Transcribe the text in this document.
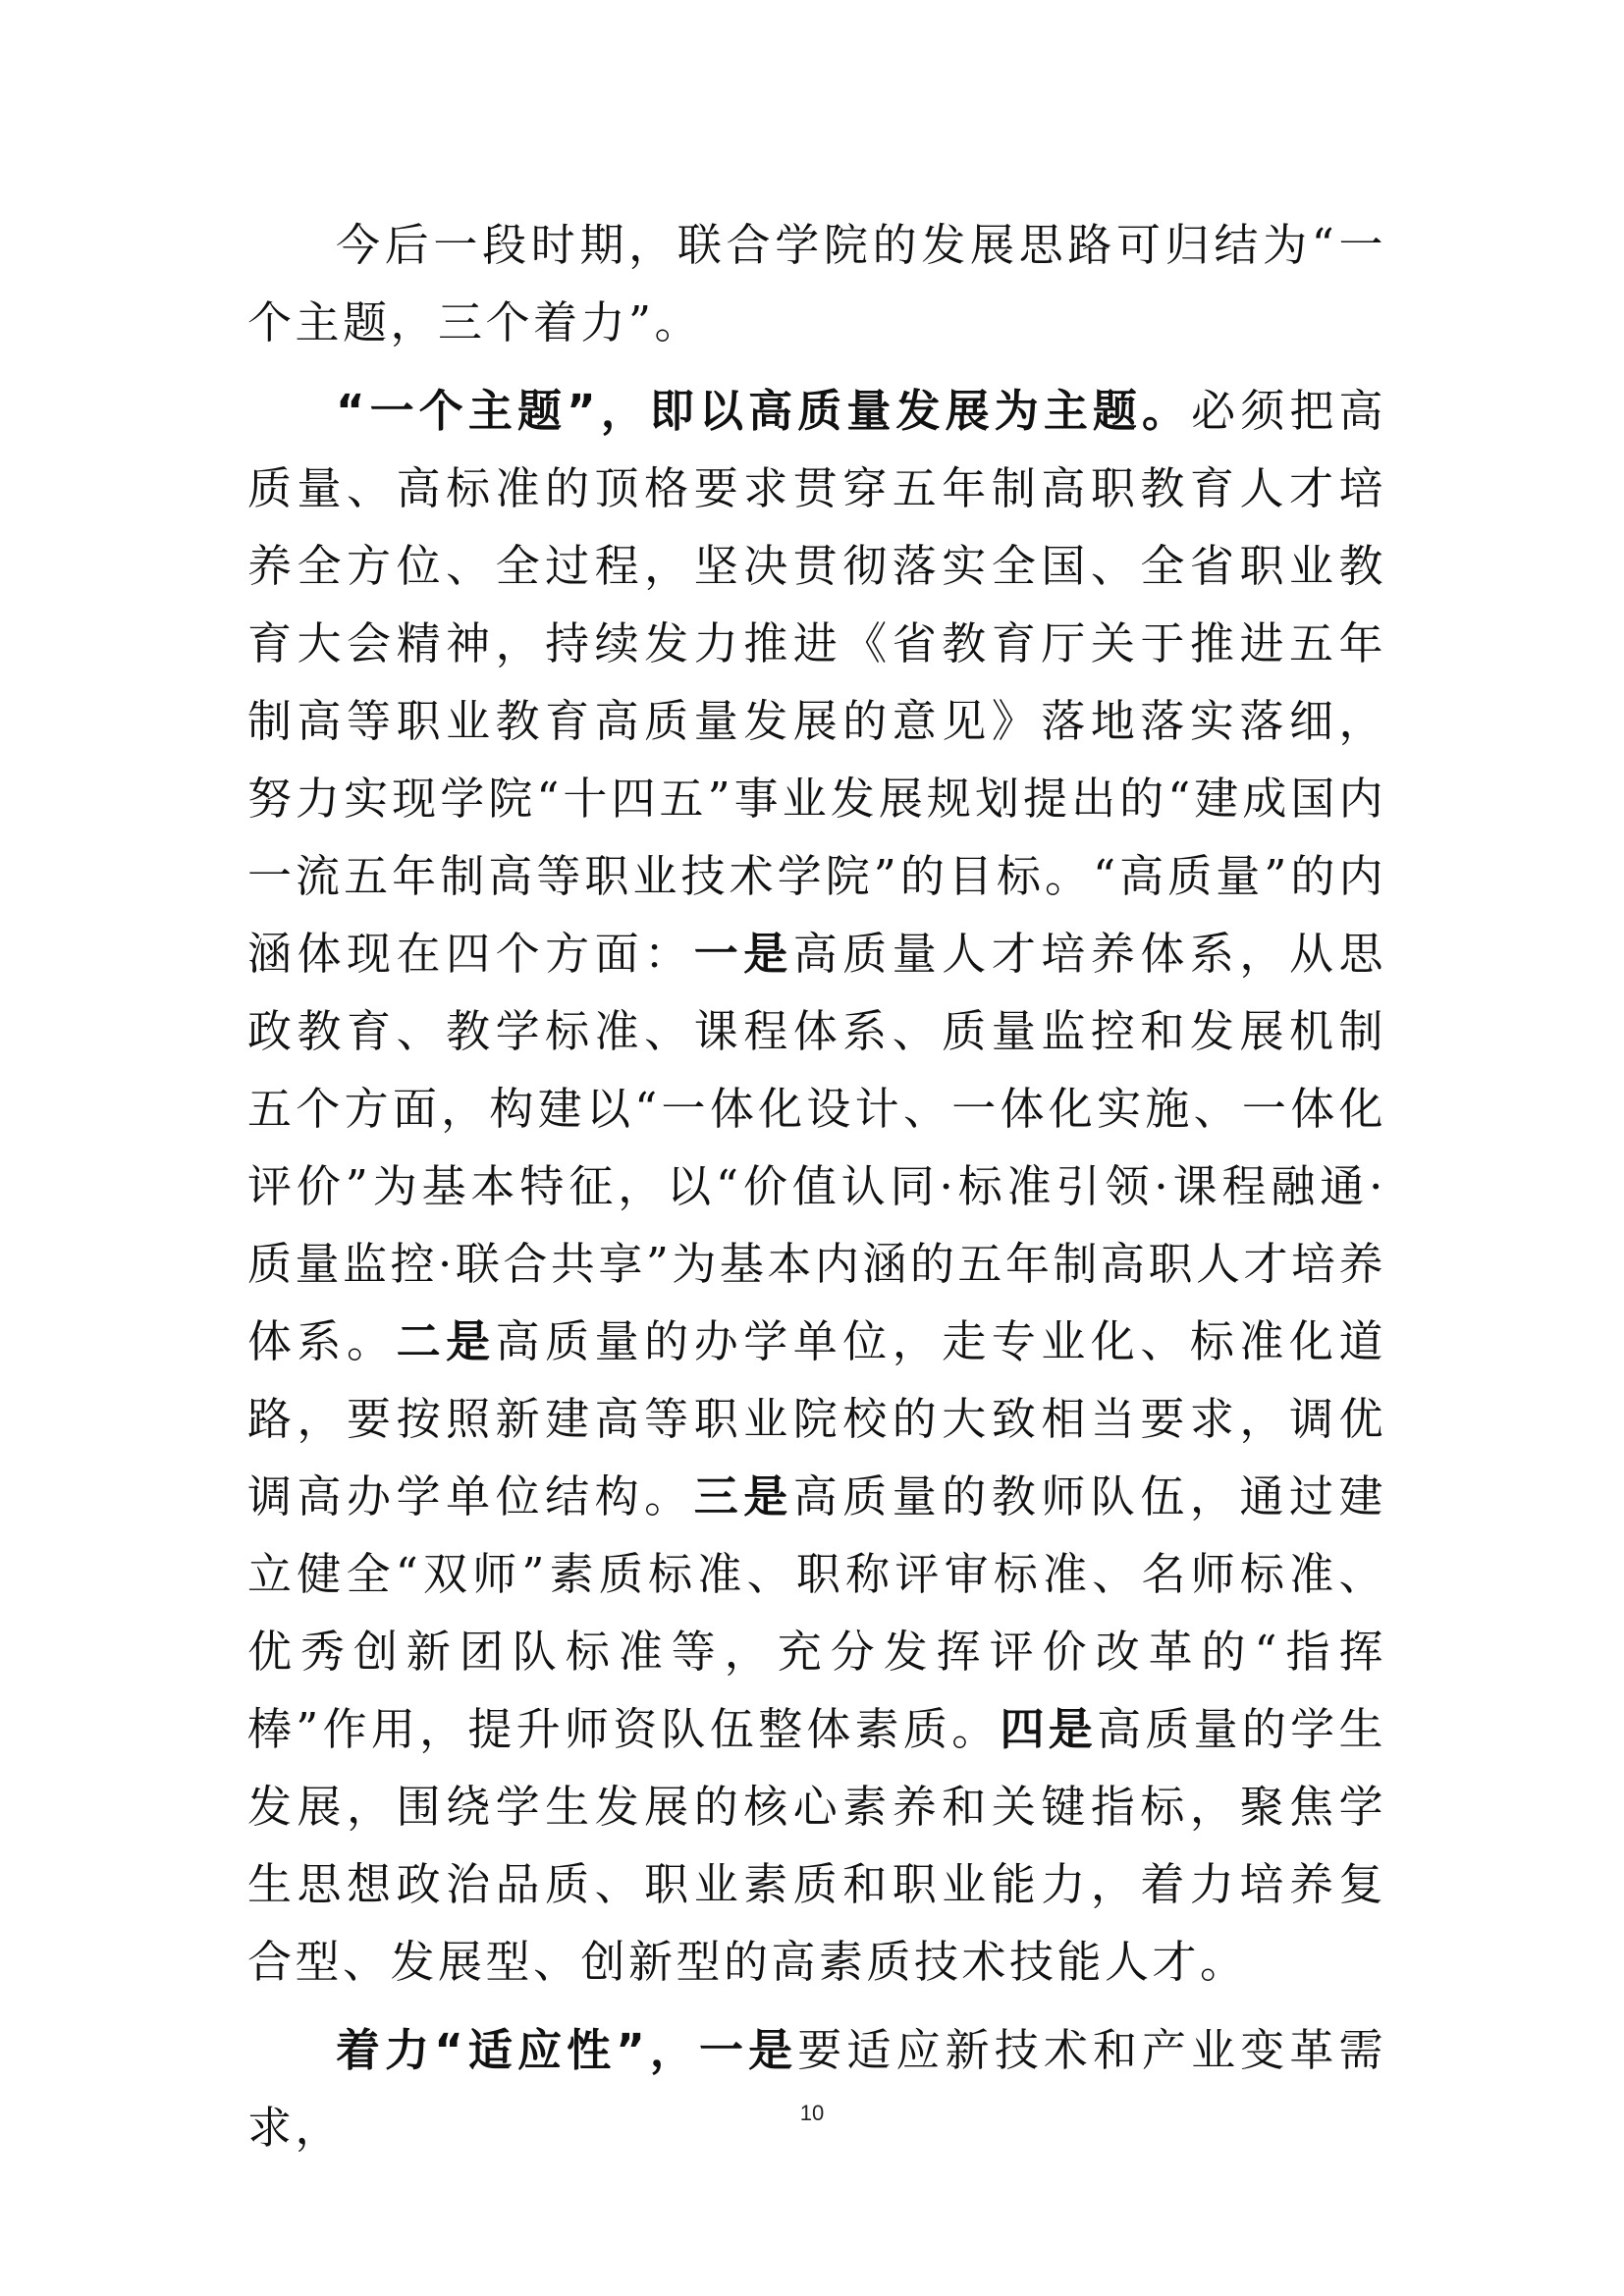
今后一段时期，联合学院的发展思路可归结为“一个主题，三个着力”。

“一个主题”，即以高质量发展为主题。必须把高质量、高标准的顶格要求贯穿五年制高职教育人才培养全方位、全过程，坚决贯彻落实全国、全省职业教育大会精神，持续发力推进《省教育厅关于推进五年制高等职业教育高质量发展的意见》落地落实落细，努力实现学院“十四五”事业发展规划提出的“建成国内一流五年制高等职业技术学院”的目标。“高质量”的内涵体现在四个方面：一是高质量人才培养体系，从思政教育、教学标准、课程体系、质量监控和发展机制五个方面，构建以“一体化设计、一体化实施、一体化评价”为基本特征，以“价值认同·标准引领·课程融通·质量监控·联合共享”为基本内涵的五年制高职人才培养体系。二是高质量的办学单位，走专业化、标准化道路，要按照新建高等职业院校的大致相当要求，调优调高办学单位结构。三是高质量的教师队伍，通过建立健全“双师”素质标准、职称评审标准、名师标准、优秀创新团队标准等，充分发挥评价改革的“指挥棒”作用，提升师资队伍整体素质。四是高质量的学生发展，围绕学生发展的核心素养和关键指标，聚焦学生思想政治品质、职业素质和职业能力，着力培养复合型、发展型、创新型的高素质技术技能人才。

着力“适应性”，一是要适应新技术和产业变革需求，	10
